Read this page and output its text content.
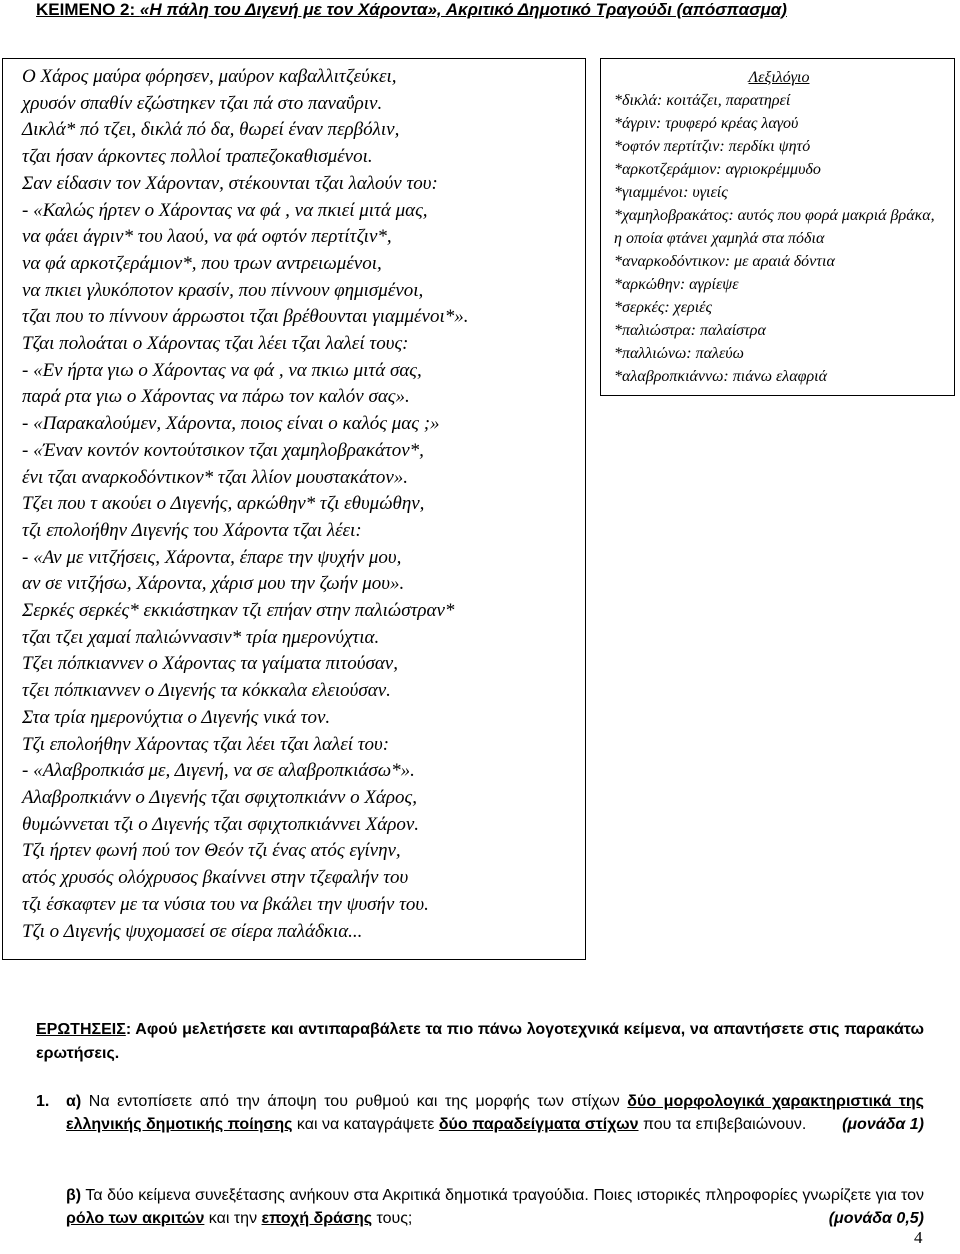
ΚΕΙΜΕΝΟ 2: «Η πάλη του Διγενή με τον Χάροντα», Ακριτικό Δημοτικό Τραγούδι (απόσπασμα)
Ο Χάρος μαύρα φόρησεν, μαύρον καβαλλιτζεύκει,
χρυσόν σπαθίν εζώστηκεν τζαι πά στο παναΰριν.
Δικλά* πό τζει, δικλά πό δα, θωρεί έναν περβόλιν,
τζαι ήσαν άρκοντες πολλοί τραπεζοκαθισμένοι.
Σαν είδασιν τον Χάρονταν, στέκουνται τζαι λαλούν του:
- «Καλώς ήρτεν ο Χάροντας να φά , να πκιεί μιτά μας,
να φάει άγριν* του λαού, να φά οφτόν περτίτζιν*,
να φά αρκοτζεράμιον*, που τρων αντρειωμένοι,
να πκιει γλυκόποτον κρασίν, που πίννουν φημισμένοι,
τζαι που το πίννουν άρρωστοι τζαι βρέθουνται γιαμμένοι*».
Τζαι πολοάται ο Χάροντας τζαι λέει τζαι λαλεί τους:
- «Εν ήρτα γιω ο Χάροντας να φά , να πκιω μιτά σας,
παρά ρτα γιω ο Χάροντας να πάρω τον καλόν σας».
- «Παρακαλούμεν, Χάροντα, ποιος είναι ο καλός μας ;»
- «Έναν κοντόν κοντούτσικον τζαι χαμηλοβρακάτον*,
ένι τζαι αναρκοδόντικον* τζαι λλίον μουστακάτον».
Τζει που τ ακούει ο Διγενής, αρκώθην* τζι εθυμώθην,
τζι επολοήθην Διγενής του Χάροντα τζαι λέει:
- «Αν με νιτζήσεις, Χάροντα, έπαρε την ψυχήν μου,
αν σε νιτζήσω, Χάροντα, χάρισ μου την ζωήν μου».
Σερκές σερκές* εκκιάστηκαν τζι επήαν στην παλιώστραν*
τζαι τζει χαμαί παλιώννασιν* τρία ημερονύχτια.
Τζει πόπκιαννεν ο Χάροντας τα γαίματα πιτούσαν,
τζει πόπκιαννεν ο Διγενής τα κόκκαλα ελειούσαν.
Στα τρία ημερονύχτια ο Διγενής νικά τον.
Τζι επολοήθην Χάροντας τζαι λέει τζαι λαλεί του:
- «Αλαβροπκιάσ με, Διγενή, να σε αλαβροπκιάσω*».
Αλαβροπκιάνν ο Διγενής τζαι σφιχτοπκιάνν ο Χάρος,
θυμώννεται τζι ο Διγενής τζαι σφιχτοπκιάννει Χάρον.
Τζι ήρτεν φωνή πού τον Θεόν τζι ένας ατός εγίνην,
ατός χρυσός ολόχρυσος βκαίννει στην τζεφαλήν του
τζι έσκαφτεν με τα νύσια του να βκάλει την ψυσήν του.
Τζι ο Διγενής ψυχομασεί σε σίερα παλάδκια...
Λεξιλόγιο
*δικλά: κοιτάζει, παρατηρεί
*άγριν: τρυφερό κρέας λαγού
*οφτόν περτίτζιν: περδίκι ψητό
*αρκοτζεράμιον: αγριοκρέμμυδο
*γιαμμένοι: υγιείς
*χαμηλοβρακάτος: αυτός που φορά μακριά βράκα, η οποία φτάνει χαμηλά στα πόδια
*αναρκοδόντικον: με αραιά δόντια
*αρκώθην: αγρίεψε
*σερκές: χεριές
*παλιώστρα: παλαίστρα
*παλλιώνω: παλεύω
*αλαβροπκιάννω: πιάνω ελαφριά
ΕΡΩΤΗΣΕΙΣ: Αφού μελετήσετε και αντιπαραβάλετε τα πιο πάνω λογοτεχνικά κείμενα, να απαντήσετε στις παρακάτω ερωτήσεις.
1.	α) Να εντοπίσετε από την άποψη του ρυθμού και της μορφής των στίχων δύο μορφολογικά χαρακτηριστικά της ελληνικής δημοτικής ποίησης και να καταγράψετε δύο παραδείγματα στίχων που τα επιβεβαιώνουν. (μονάδα 1)
β) Τα δύο κείμενα συνεξέτασης ανήκουν στα Ακριτικά δημοτικά τραγούδια. Ποιες ιστορικές πληροφορίες γνωρίζετε για τον ρόλο των ακριτών και την εποχή δράσης τους;	(μονάδα 0,5)
4
